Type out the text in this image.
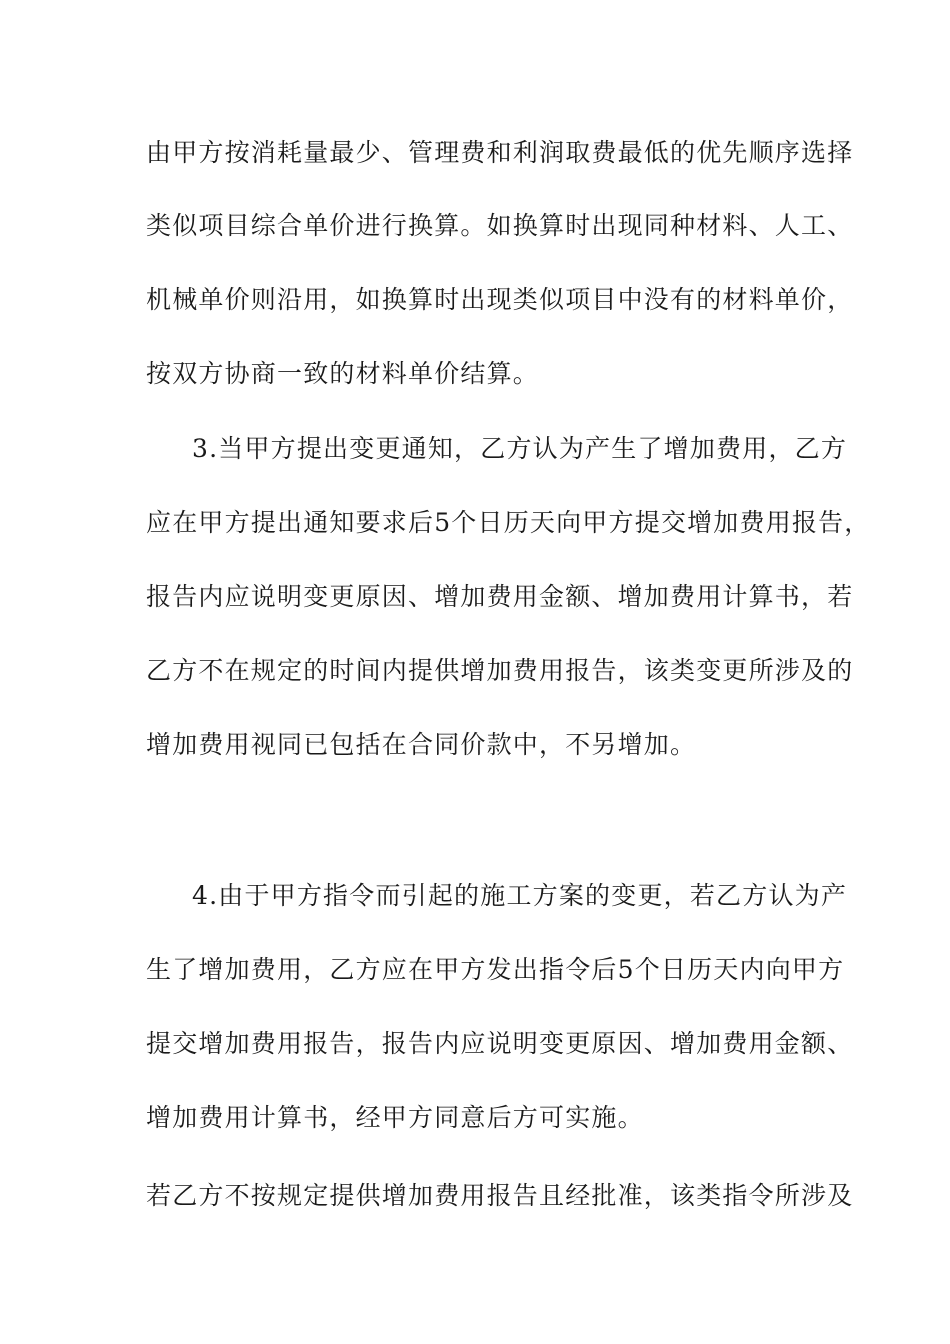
由甲方按消耗量最少、管理费和利润取费最低的优先顺序选择
类似项目综合单价进行换算。如换算时出现同种材料、人工、
机械单价则沿用，如换算时出现类似项目中没有的材料单价，
按双方协商一致的材料单价结算。
3.当甲方提出变更通知，乙方认为产生了增加费用，乙方
应在甲方提出通知要求后5个日历天向甲方提交增加费用报告，
报告内应说明变更原因、增加费用金额、增加费用计算书，若
乙方不在规定的时间内提供增加费用报告，该类变更所涉及的
增加费用视同已包括在合同价款中，不另增加。
4.由于甲方指令而引起的施工方案的变更，若乙方认为产
生了增加费用，乙方应在甲方发出指令后5个日历天内向甲方
提交增加费用报告，报告内应说明变更原因、增加费用金额、
增加费用计算书，经甲方同意后方可实施。
若乙方不按规定提供增加费用报告且经批准，该类指令所涉及
